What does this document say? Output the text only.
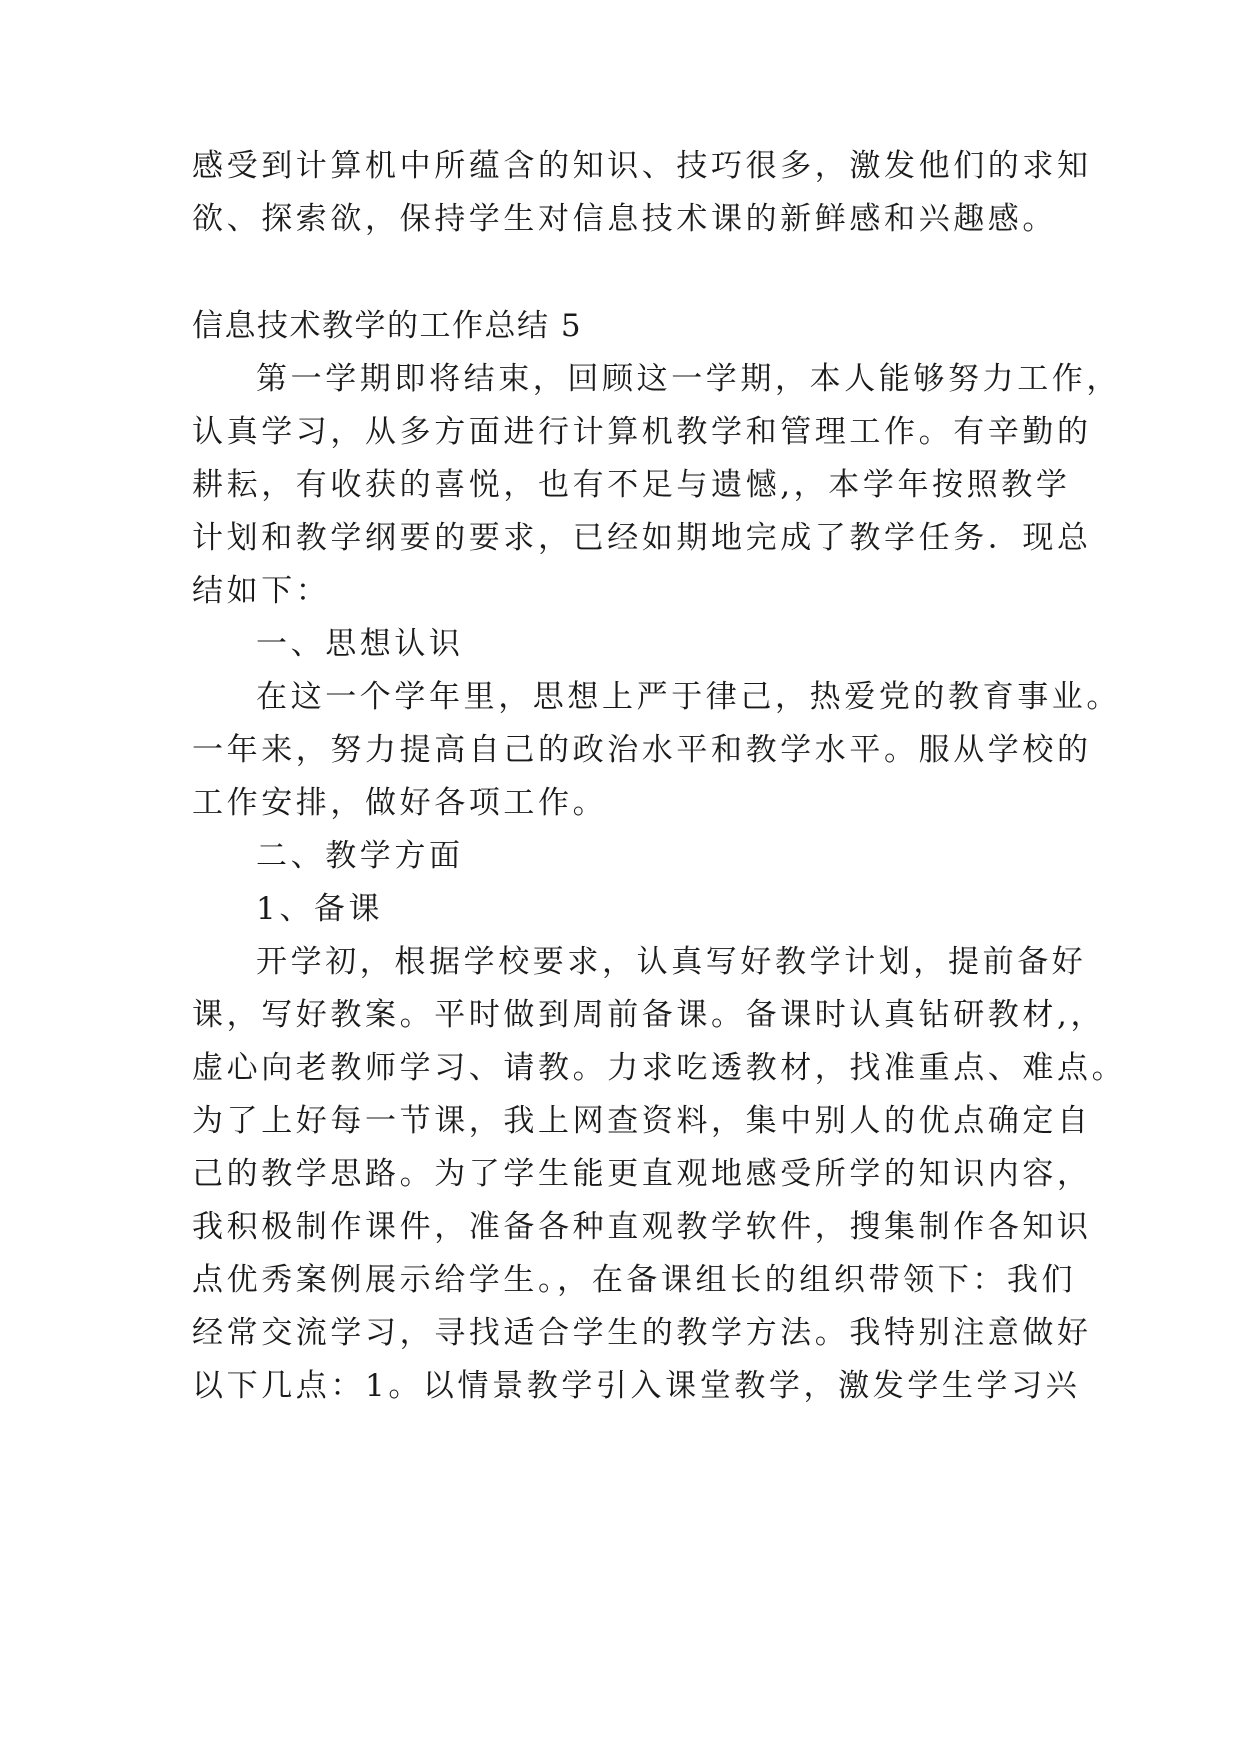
感受到计算机中所蕴含的知识、技巧很多，激发他们的求知
欲、探索欲，保持学生对信息技术课的新鲜感和兴趣感。
信息技术教学的工作总结 5
第一学期即将结束，回顾这一学期，本人能够努力工作，
认真学习，从多方面进行计算机教学和管理工作。有辛勤的
耕耘，有收获的喜悦，也有不足与遗憾,，本学年按照教学
计划和教学纲要的要求，已经如期地完成了教学任务．现总
结如下：
一、思想认识
在这一个学年里，思想上严于律己，热爱党的教育事业。
一年来，努力提高自己的政治水平和教学水平。服从学校的
工作安排，做好各项工作。
二、教学方面
1、备课
开学初，根据学校要求，认真写好教学计划，提前备好
课，写好教案。平时做到周前备课。备课时认真钻研教材,，
虚心向老教师学习、请教。力求吃透教材，找准重点、难点。
为了上好每一节课，我上网查资料，集中别人的优点确定自
己的教学思路。为了学生能更直观地感受所学的知识内容，
我积极制作课件，准备各种直观教学软件，搜集制作各知识
点优秀案例展示给学生。，在备课组长的组织带领下：我们
经常交流学习，寻找适合学生的教学方法。我特别注意做好
以下几点：1。以情景教学引入课堂教学，激发学生学习兴
